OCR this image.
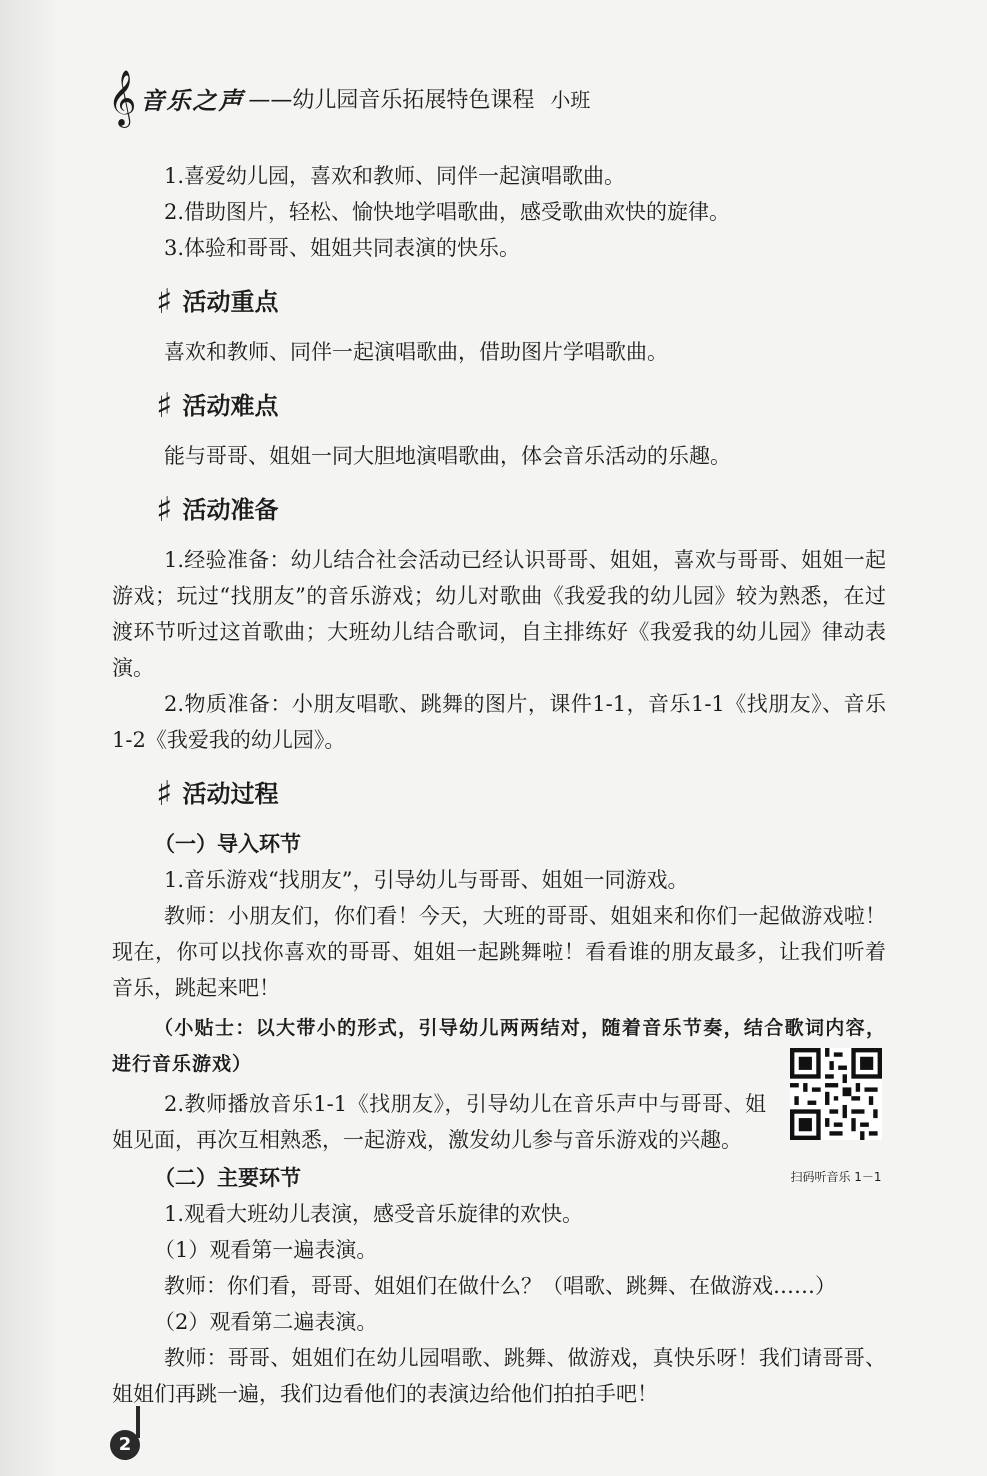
𝄞 音乐之声 ——幼儿园音乐拓展特色课程 小班
1.喜爱幼儿园，喜欢和教师、同伴一起演唱歌曲。
2.借助图片，轻松、愉快地学唱歌曲，感受歌曲欢快的旋律。
3.体验和哥哥、姐姐共同表演的快乐。
♯ 活动重点
喜欢和教师、同伴一起演唱歌曲，借助图片学唱歌曲。
♯ 活动难点
能与哥哥、姐姐一同大胆地演唱歌曲，体会音乐活动的乐趣。
♯ 活动准备
1.经验准备：幼儿结合社会活动已经认识哥哥、姐姐，喜欢与哥哥、姐姐一起游戏；玩过“找朋友”的音乐游戏；幼儿对歌曲《我爱我的幼儿园》较为熟悉，在过渡环节听过这首歌曲；大班幼儿结合歌词，自主排练好《我爱我的幼儿园》律动表演。
2.物质准备：小朋友唱歌、跳舞的图片，课件1-1，音乐1-1《找朋友》、音乐1-2《我爱我的幼儿园》。
♯ 活动过程
（一）导入环节
1.音乐游戏“找朋友”，引导幼儿与哥哥、姐姐一同游戏。
教师：小朋友们，你们看！今天，大班的哥哥、姐姐来和你们一起做游戏啦！现在，你可以找你喜欢的哥哥、姐姐一起跳舞啦！看看谁的朋友最多，让我们听着音乐，跳起来吧！
（小贴士：以大带小的形式，引导幼儿两两结对，随着音乐节奏，结合歌词内容，进行音乐游戏）
2.教师播放音乐1-1《找朋友》，引导幼儿在音乐声中与哥哥、姐姐见面，再次互相熟悉，一起游戏，激发幼儿参与音乐游戏的兴趣。
（二）主要环节
1.观看大班幼儿表演，感受音乐旋律的欢快。
（1）观看第一遍表演。
教师：你们看，哥哥、姐姐们在做什么？（唱歌、跳舞、在做游戏……）
（2）观看第二遍表演。
教师：哥哥、姐姐们在幼儿园唱歌、跳舞、做游戏，真快乐呀！我们请哥哥、姐姐们再跳一遍，我们边看他们的表演边给他们拍拍手吧！
扫码听音乐 1－1
2
